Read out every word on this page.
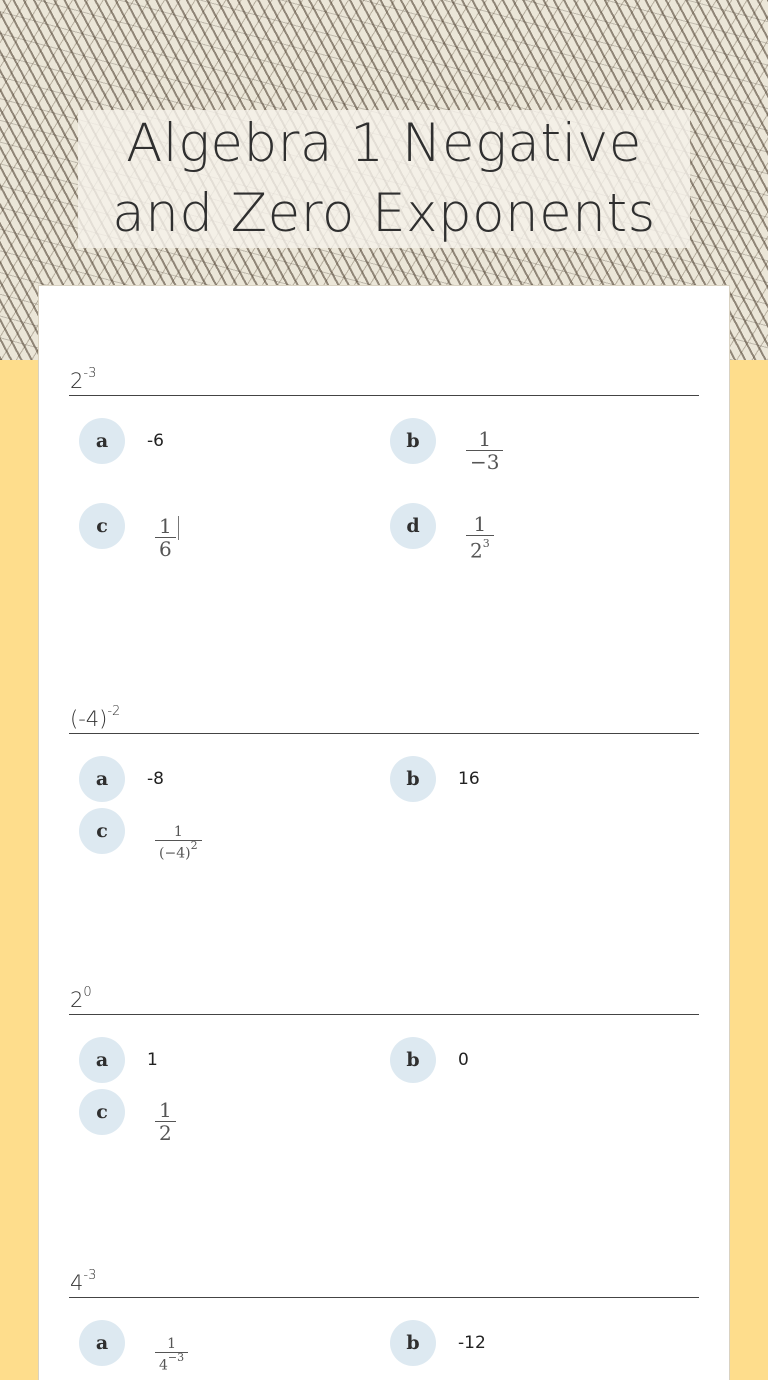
Algebra 1 Negative and Zero Exponents
$2^{-3}$
a	-6	b	$\frac{1}{-3}$
c	$\frac{1}{6}$	d	$\frac{1}{2^3}$
$(-4)^{-2}$
a	-8	b	16
c	$\frac{1}{(-4)^2}$
$2^0$
a	1	b	0
c	$\frac{1}{2}$
$4^{-3}$
a	$\frac{1}{4^{-3}}$	b	-12
